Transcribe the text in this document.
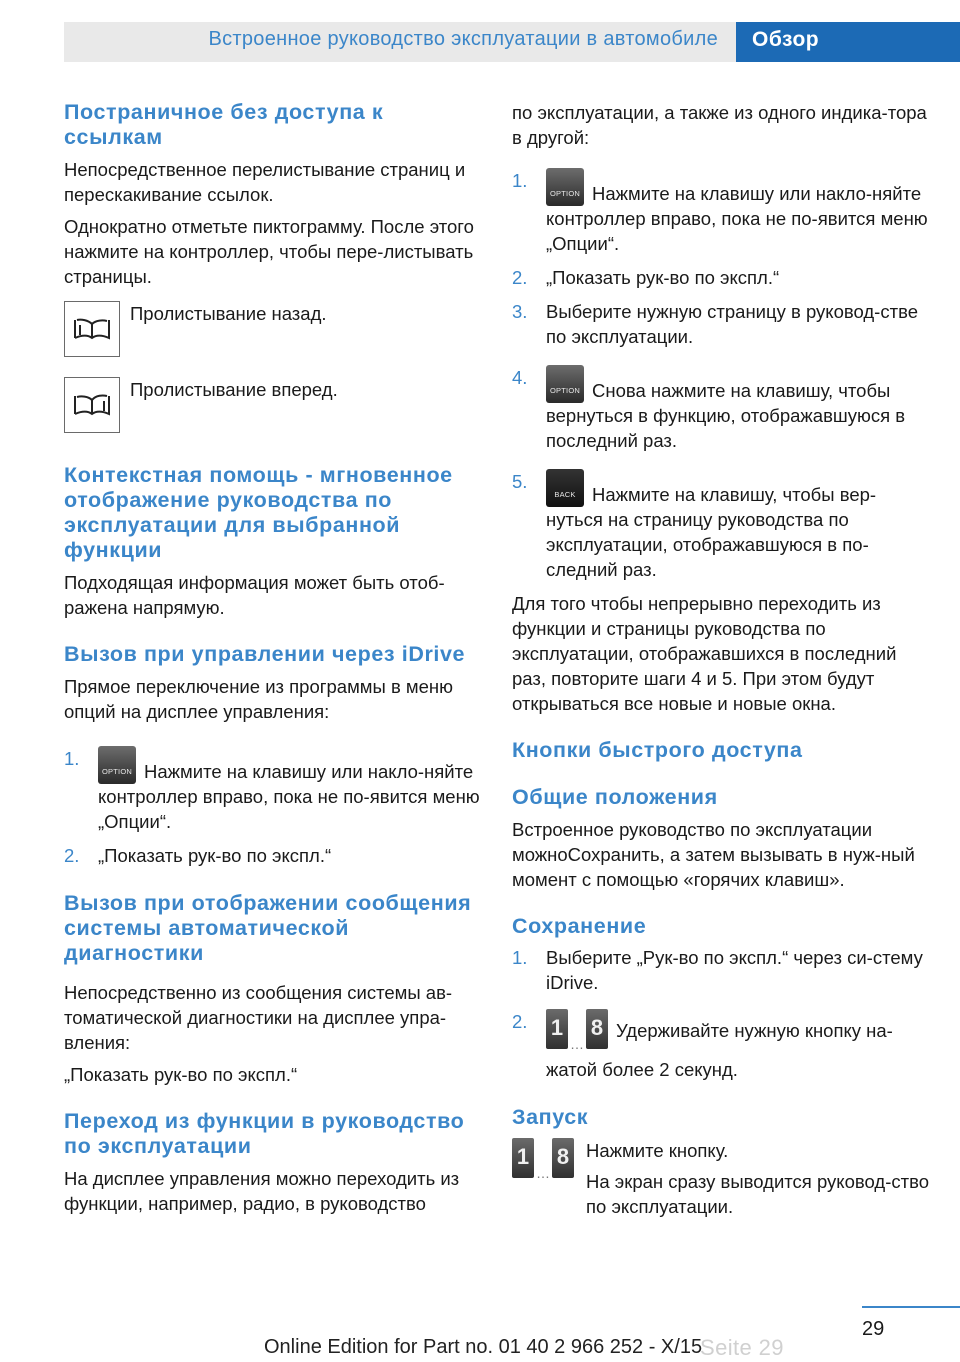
Встроенное руководство эксплуатации в автомобиле Обзор
Постраничное без доступа к ссылкам

Непосредственное перелистывание страниц и перескакивание ссылок.

Однократно отметьте пиктограмму. После этого нажмите на контроллер, чтобы пере-листывать страницы.

Пролистывание назад.

Пролистывание вперед.

Контекстная помощь - мгновенное отображение руководства по эксплуатации для выбранной функции

Подходящая информация может быть отоб-ражена напрямую.

Вызов при управлении через iDrive

Прямое переключение из программы в меню опций на дисплее управления:

1.
OPTION Нажмите на клавишу или накло-няйте контроллер вправо, пока не по-явится меню „Опции“.
2.	„Показать рук-во по экспл.“
Вызов при отображении сообщения системы автоматической диагностики

Непосредственно из сообщения системы ав-томатической диагностики на дисплее упра-вления:

„Показать рук-во по экспл.“

Переход из функции в руководство по эксплуатации

На дисплее управления можно переходить из функции, например, радио, в руководство

по эксплуатации, а также из одного индика-тора в другой:

1.
OPTION Нажмите на клавишу или накло-няйте контроллер вправо, пока не по-явится меню „Опции“.
2.	„Показать рук-во по экспл.“
3.	Выберите нужную страницу в руковод-стве по эксплуатации.
4.
OPTION Снова нажмите на клавишу, чтобы вернуться в функцию, отображавшуюся в последний раз.
5.
BACK Нажмите на клавишу, чтобы вер-нуться на страницу руководства по эксплуатации, отображавшуюся в по-следний раз.

Для того чтобы непрерывно переходить из функции и страницы руководства по эксплуатации, отображавшихся в последний раз, повторите шаги 4 и 5. При этом будут открываться все новые и новые окна.

Кнопки быстрого доступа
Общие положения

Встроенное руководство по эксплуатации можноСохранить, а затем вызывать в нуж-ный момент с помощью «горячих клавиш».

Сохранение
1.	Выберите „Рук-во по экспл.“ через си-стему iDrive.
2.	1
…
8 Удерживайте нужную кнопку на-жатой более 2 секунд.
Запуск
1
…
8 Нажмите кнопку.

На экран сразу выводится руковод-ство по эксплуатации.

29
Seite 29
Online Edition for Part no. 01 40 2 966 252 - X/15
